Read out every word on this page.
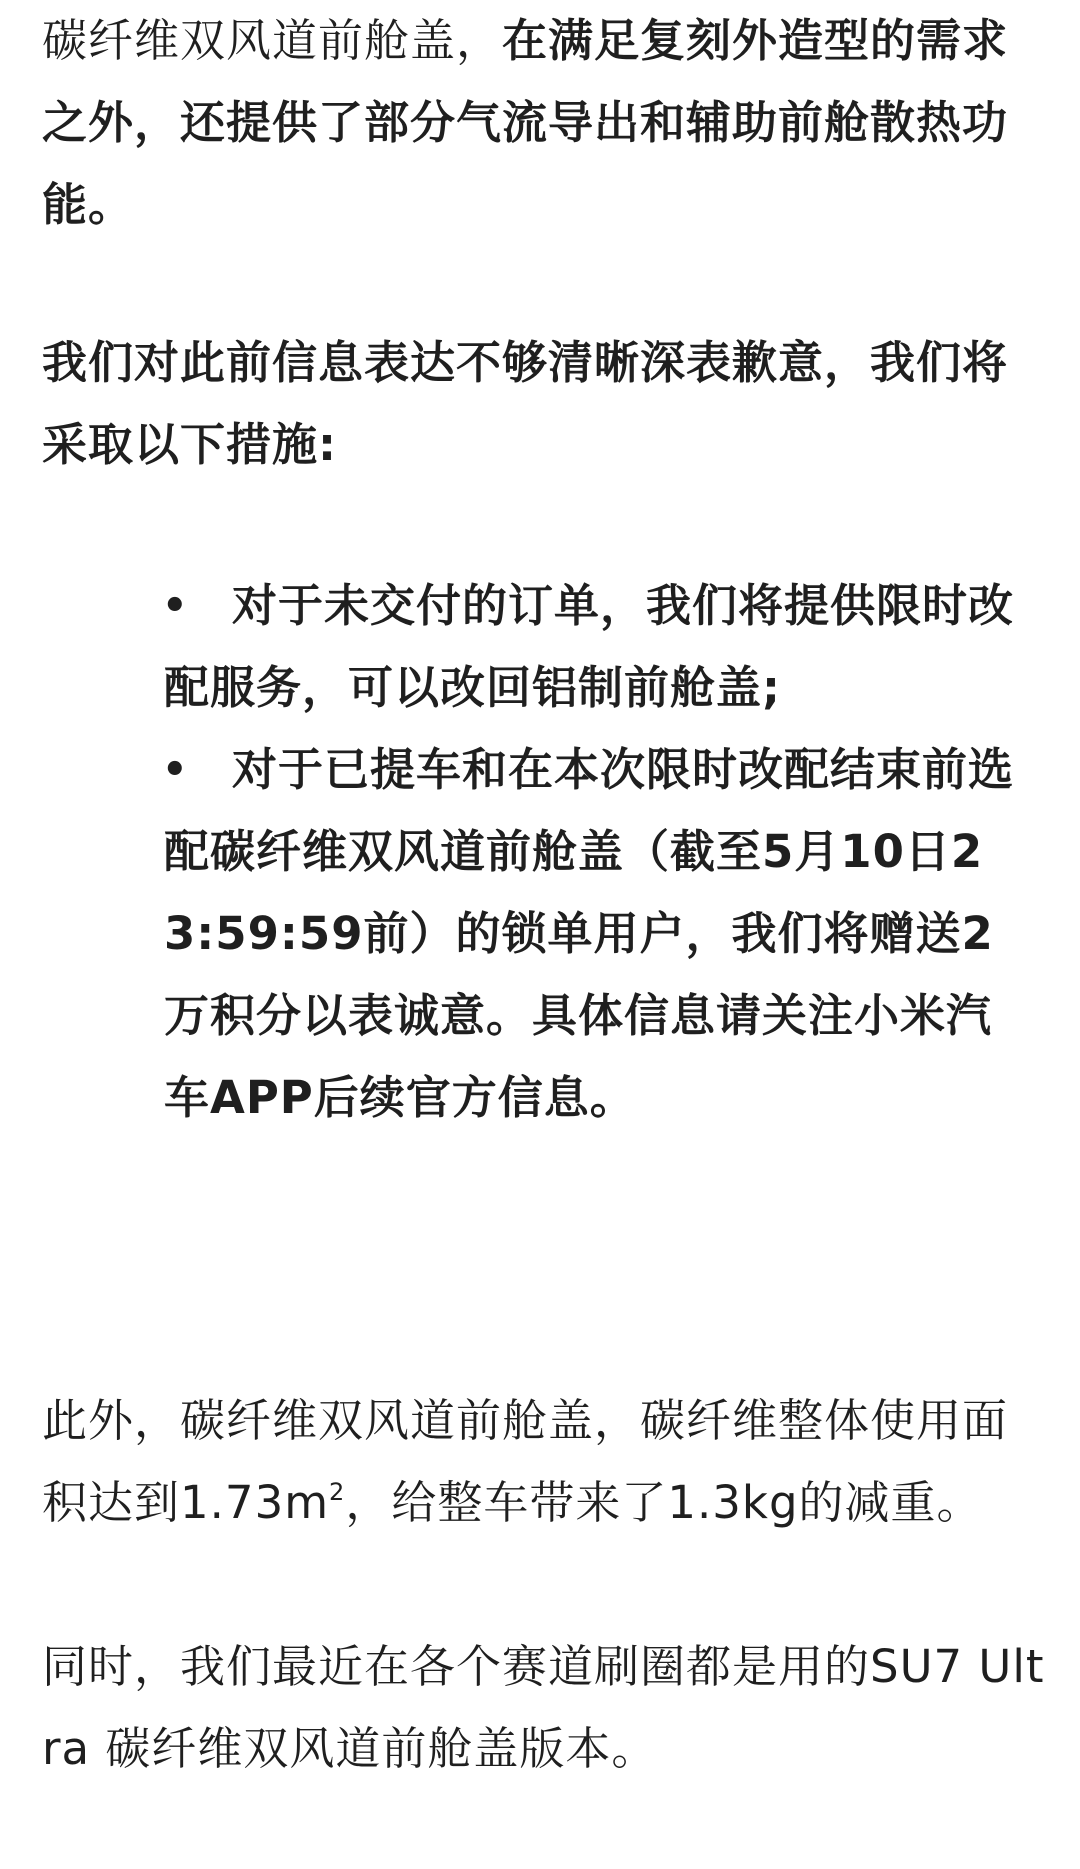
碳纤维双风道前舱盖，在满足复刻外造型的需求之外，还提供了部分气流导出和辅助前舱散热功能。

我们对此前信息表达不够清晰深表歉意，我们将采取以下措施:

• 对于未交付的订单，我们将提供限时改配服务，可以改回铝制前舱盖;
• 对于已提车和在本次限时改配结束前选配碳纤维双风道前舱盖（截至5月10日23:59:59前）的锁单用户，我们将赠送2万积分以表诚意。具体信息请关注小米汽车APP后续官方信息。

此外，碳纤维双风道前舱盖，碳纤维整体使用面积达到$1.73m^2$，给整车带来了1.3kg的减重。

同时，我们最近在各个赛道刷圈都是用的SU7 Ultra 碳纤维双风道前舱盖版本。
